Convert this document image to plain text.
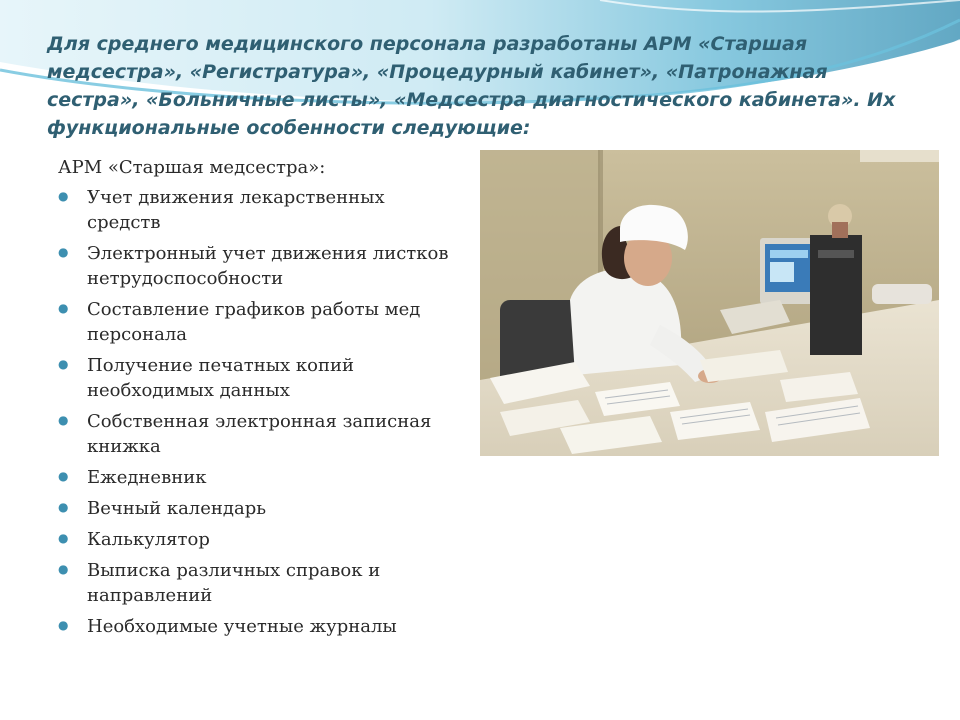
Для среднего медицинского персонала разработаны АРМ «Старшая медсестра», «Регистратура», «Процедурный кабинет», «Патронажная сестра», «Больничные листы», «Медсестра диагностического кабинета». Их функциональные особенности следующие:
АРМ «Старшая медсестра»:
● Учет движения лекарственных средств
● Электронный учет движения листков нетрудоспособности
● Составление графиков работы мед персонала
● Получение печатных копий необходимых данных
● Собственная электронная записная книжка
● Ежедневник
● Вечный календарь
● Калькулятор
● Выписка различных справок и направлений
● Необходимые учетные журналы
